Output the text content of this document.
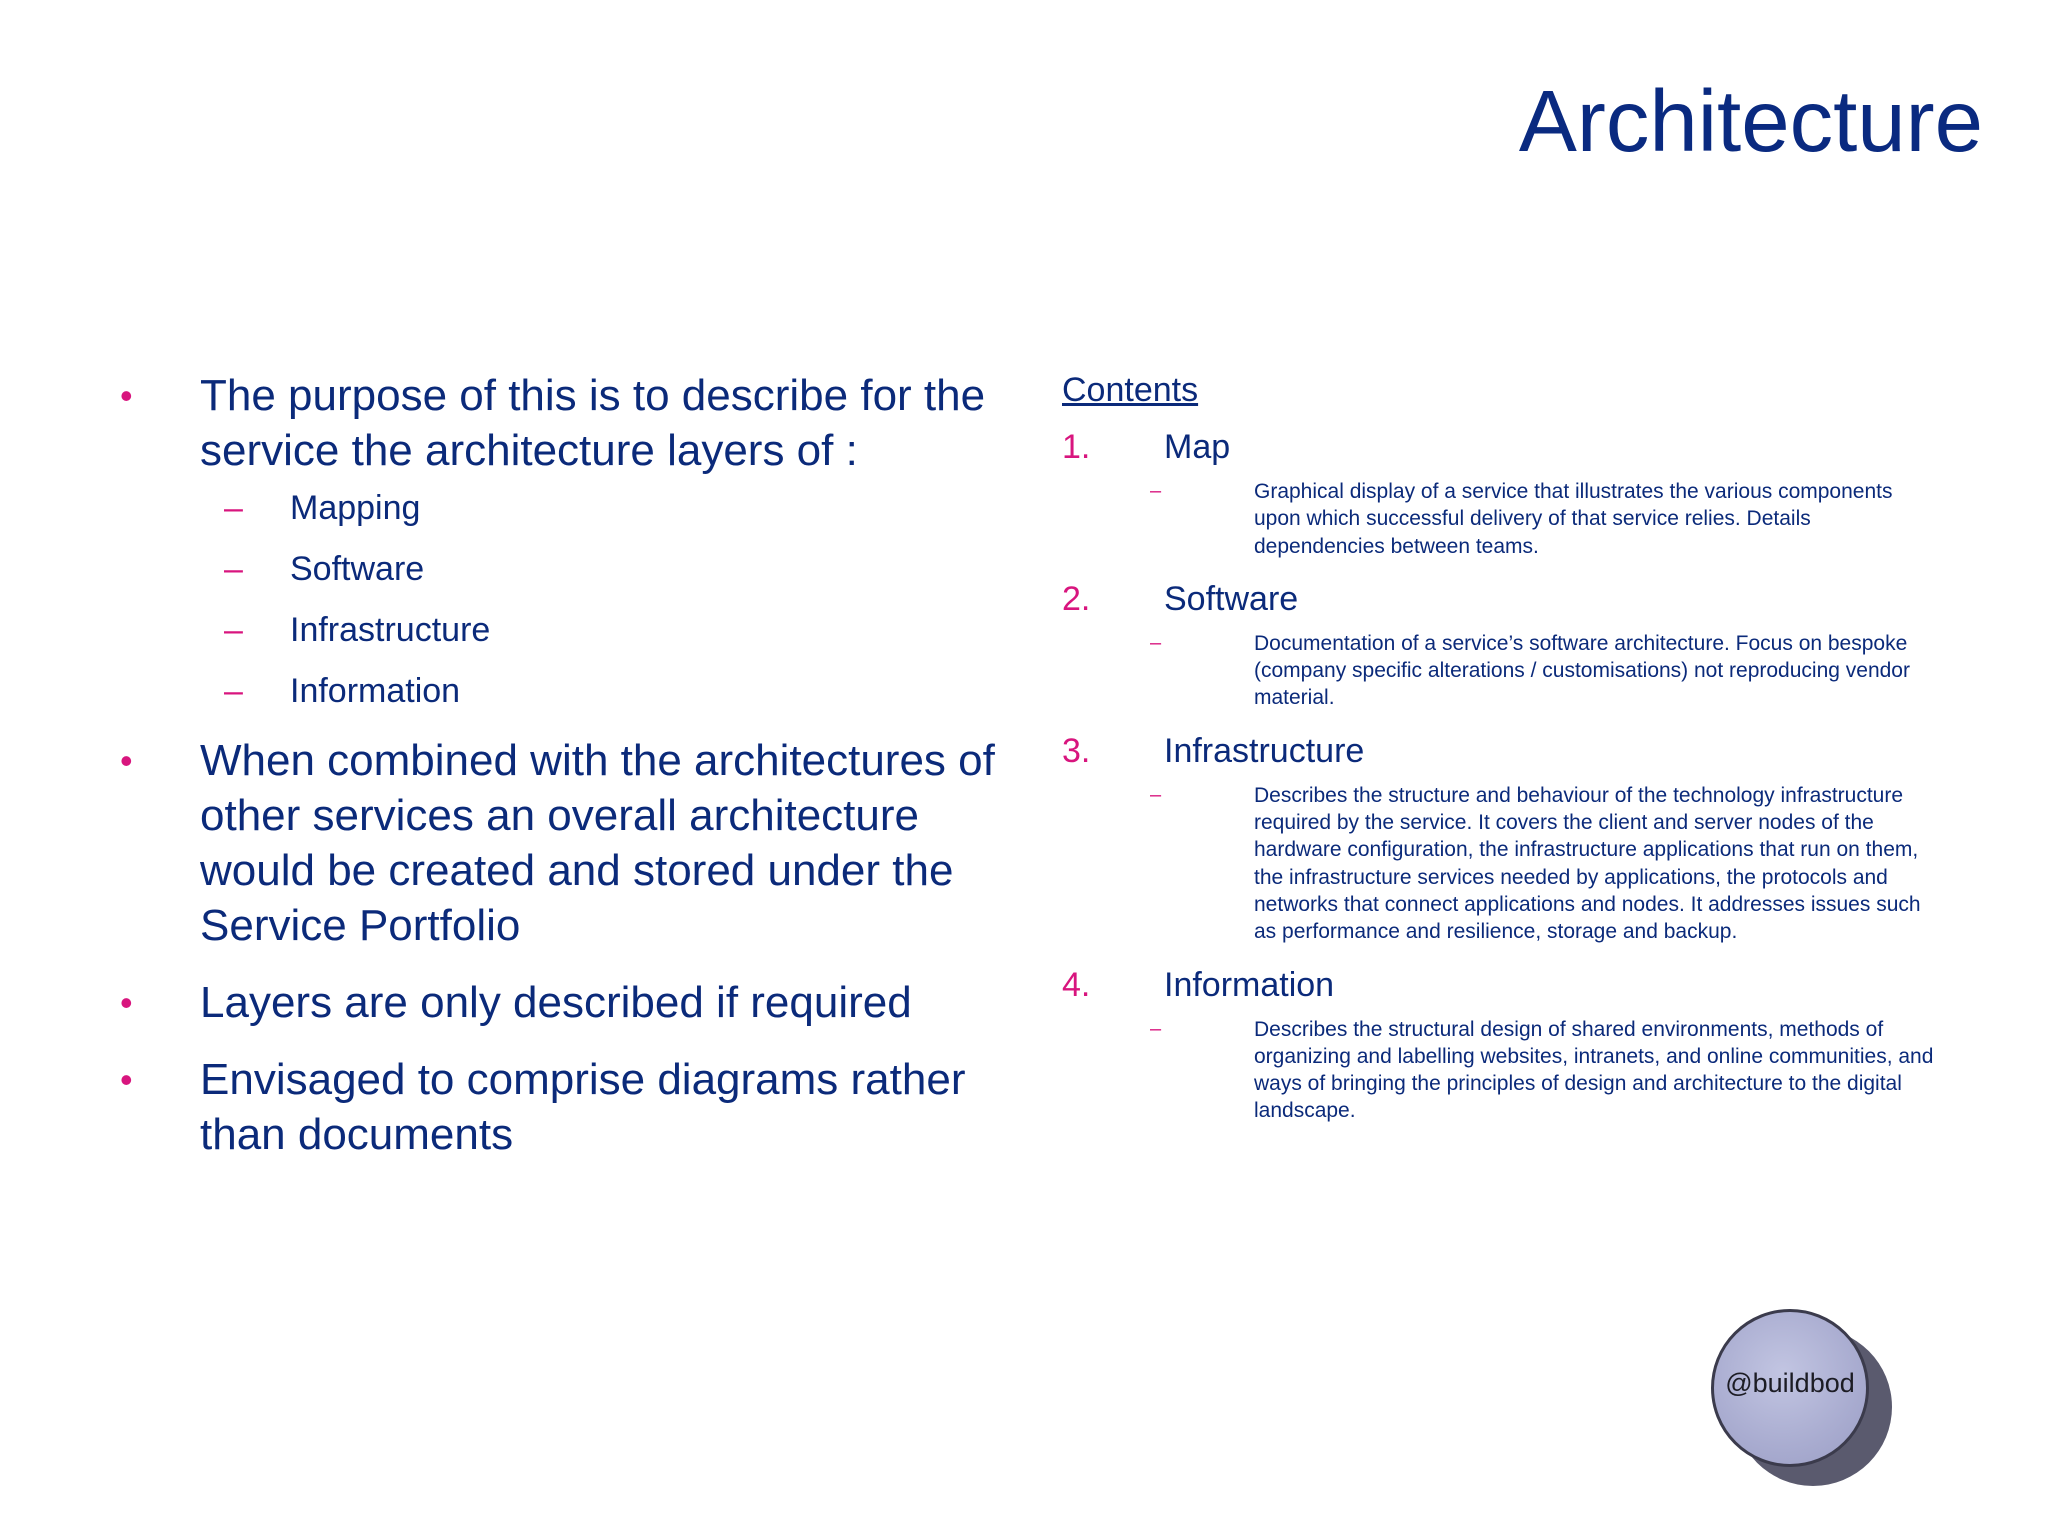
Architecture
• The purpose of this is to describe for the service the architecture layers of :
– Mapping
– Software
– Infrastructure
– Information
• When combined with the architectures of other services an overall architecture would be created and stored under the Service Portfolio
• Layers are only described if required
• Envisaged to comprise diagrams rather than documents
Contents
1. Map
–	Graphical display of a service that illustrates the various components upon which successful delivery of that service relies. Details dependencies between teams.
2. Software
–	Documentation of a service’s software architecture. Focus on bespoke (company specific alterations / customisations) not reproducing vendor material.
3. Infrastructure
–	Describes the structure and behaviour of the technology infrastructure required by the service. It covers the client and server nodes of the hardware configuration, the infrastructure applications that run on them, the infrastructure services needed by applications, the protocols and networks that connect applications and nodes. It addresses issues such as performance and resilience, storage and backup.
4. Information
–	Describes the structural design of shared environments, methods of organizing and labelling websites, intranets, and online communities, and ways of bringing the principles of design and architecture to the digital landscape.
@buildbod
